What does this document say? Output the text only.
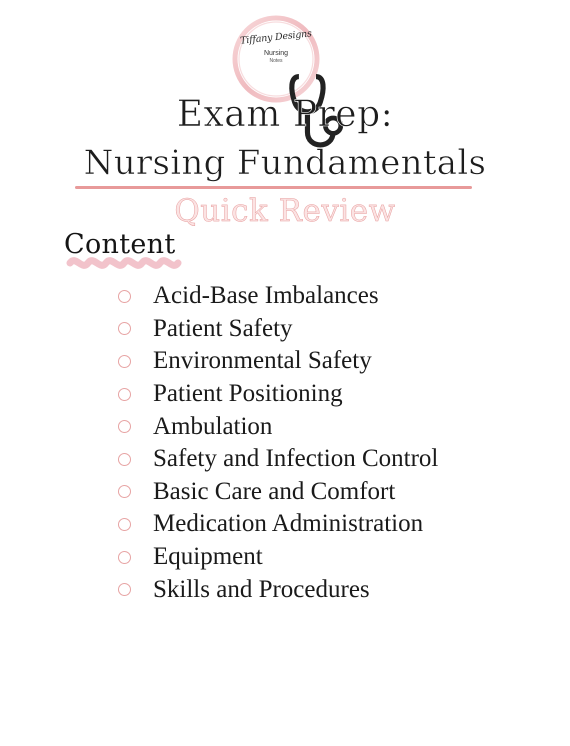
Tiffany Designs
Nursing
Notes
Exam Prep:
Nursing Fundamentals
Quick Review
Content
Acid-Base Imbalances
Patient Safety
Environmental Safety
Patient Positioning
Ambulation
Safety and Infection Control
Basic Care and Comfort
Medication Administration
Equipment
Skills and Procedures
